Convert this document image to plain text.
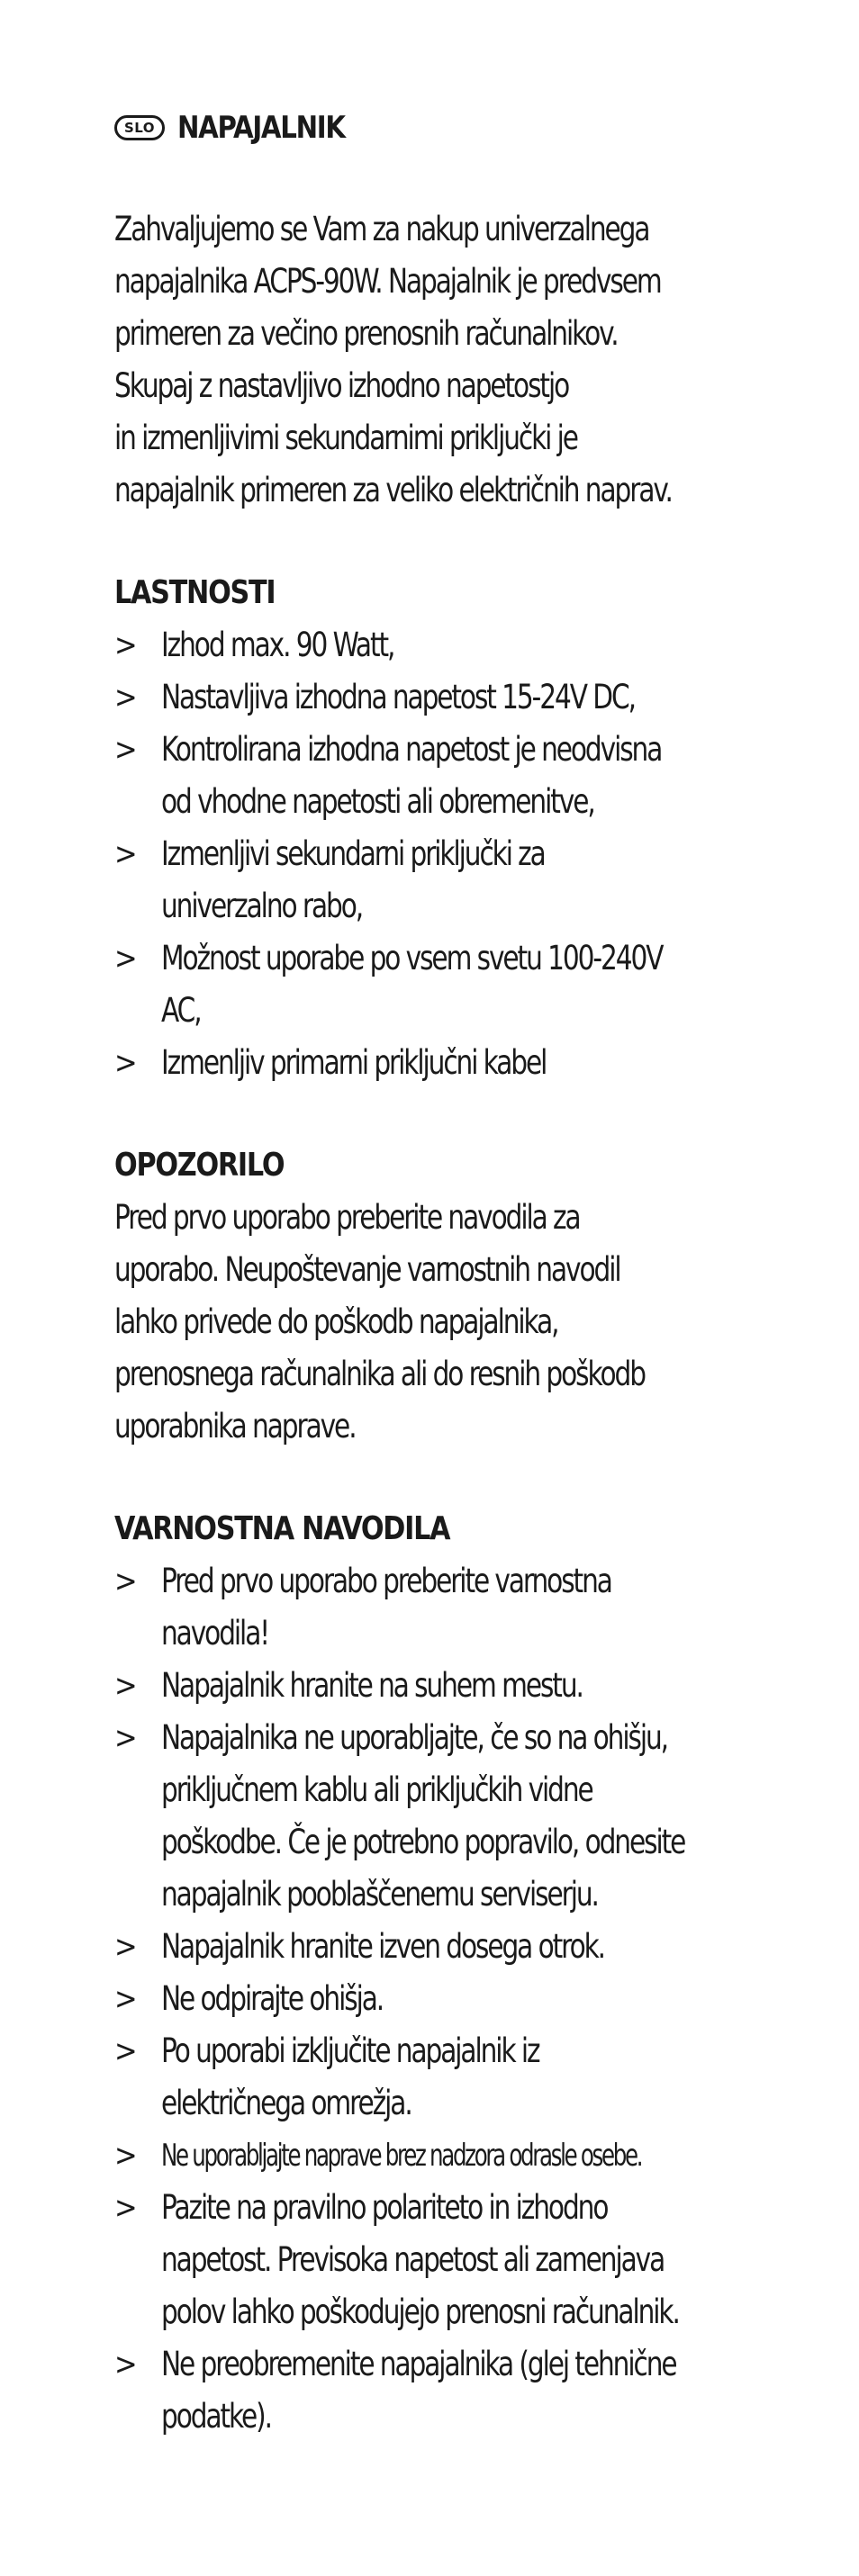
SLO NAPAJALNIK
Zahvaljujemo se Vam za nakup univerzalnega
napajalnika ACPS-90W. Napajalnik je predvsem
primeren za večino prenosnih računalnikov.
Skupaj z nastavljivo izhodno napetostjo
in izmenljivimi sekundarnimi priključki je
napajalnik primeren za veliko električnih naprav.
LASTNOSTI
> Izhod max. 90 Watt,
> Nastavljiva izhodna napetost 15-24V DC,
> Kontrolirana izhodna napetost je neodvisna
od vhodne napetosti ali obremenitve,
> Izmenljivi sekundarni priključki za
univerzalno rabo,
> Možnost uporabe po vsem svetu 100-240V
AC,
> Izmenljiv primarni priključni kabel
OPOZORILO
Pred prvo uporabo preberite navodila za
uporabo. Neupoštevanje varnostnih navodil
lahko privede do poškodb napajalnika,
prenosnega računalnika ali do resnih poškodb
uporabnika naprave.
VARNOSTNA NAVODILA
> Pred prvo uporabo preberite varnostna
navodila!
> Napajalnik hranite na suhem mestu.
> Napajalnika ne uporabljajte, če so na ohišju,
priključnem kablu ali priključkih vidne
poškodbe. Če je potrebno popravilo, odnesite
napajalnik pooblaščenemu serviserju.
> Napajalnik hranite izven dosega otrok.
> Ne odpirajte ohišja.
> Po uporabi izključite napajalnik iz
električnega omrežja.
> Ne uporabljajte naprave brez nadzora odrasle osebe.
> Pazite na pravilno polariteto in izhodno
napetost. Previsoka napetost ali zamenjava
polov lahko poškodujejo prenosni računalnik.
> Ne preobremenite napajalnika (glej tehnične
podatke).
